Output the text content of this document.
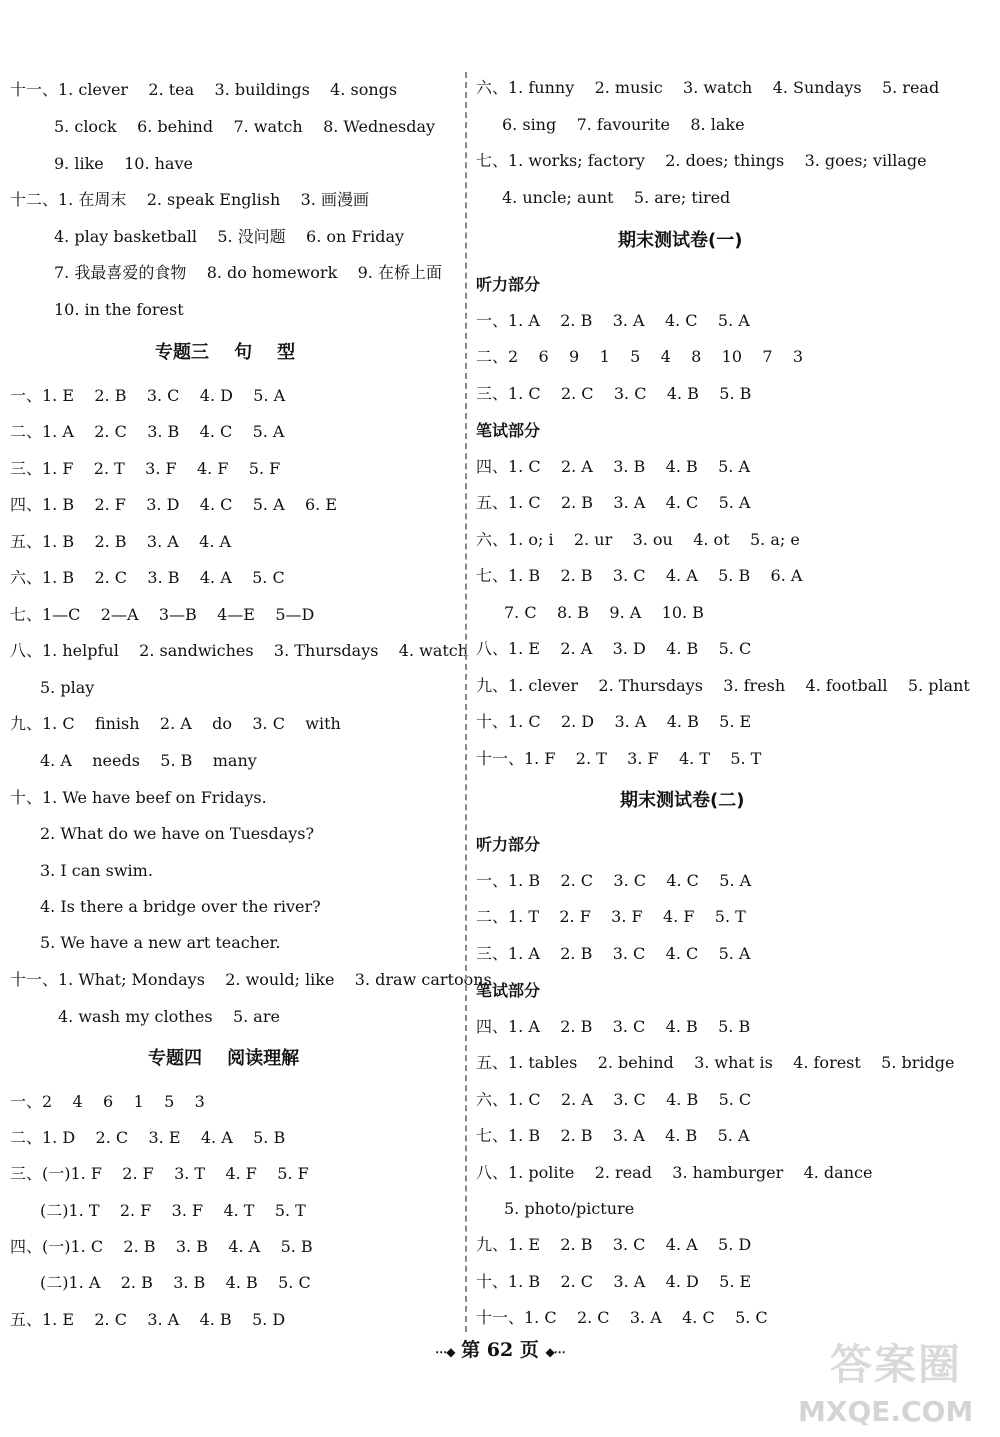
十一、1. clever    2. tea    3. buildings    4. songs
5. clock    6. behind    7. watch    8. Wednesday
9. like    10. have
十二、1. 在周末    2. speak English    3. 画漫画
4. play basketball    5. 没问题    6. on Friday
7. 我最喜爱的食物    8. do homework    9. 在桥上面
10. in the forest
专题三    句    型
一、1. E    2. B    3. C    4. D    5. A
二、1. A    2. C    3. B    4. C    5. A
三、1. F    2. T    3. F    4. F    5. F
四、1. B    2. F    3. D    4. C    5. A    6. E
五、1. B    2. B    3. A    4. A
六、1. B    2. C    3. B    4. A    5. C
七、1—C    2—A    3—B    4—E    5—D
八、1. helpful    2. sandwiches    3. Thursdays    4. watch
5. play
九、1. C    finish    2. A    do    3. C    with
4. A    needs    5. B    many
十、1. We have beef on Fridays.
2. What do we have on Tuesdays?
3. I can swim.
4. Is there a bridge over the river?
5. We have a new art teacher.
十一、1. What; Mondays    2. would; like    3. draw cartoons
4. wash my clothes    5. are
专题四    阅读理解
一、2    4    6    1    5    3
二、1. D    2. C    3. E    4. A    5. B
三、(一)1. F    2. F    3. T    4. F    5. F
(二)1. T    2. F    3. F    4. T    5. T
四、(一)1. C    2. B    3. B    4. A    5. B
(二)1. A    2. B    3. B    4. B    5. C
五、1. E    2. C    3. A    4. B    5. D
六、1. funny    2. music    3. watch    4. Sundays    5. read
6. sing    7. favourite    8. lake
七、1. works; factory    2. does; things    3. goes; village
4. uncle; aunt    5. are; tired
期末测试卷(一)
听力部分
一、1. A    2. B    3. A    4. C    5. A
二、2    6    9    1    5    4    8    10    7    3
三、1. C    2. C    3. C    4. B    5. B
笔试部分
四、1. C    2. A    3. B    4. B    5. A
五、1. C    2. B    3. A    4. C    5. A
六、1. o; i    2. ur    3. ou    4. ot    5. a; e
七、1. B    2. B    3. C    4. A    5. B    6. A
7. C    8. B    9. A    10. B
八、1. E    2. A    3. D    4. B    5. C
九、1. clever    2. Thursdays    3. fresh    4. football    5. plant
十、1. C    2. D    3. A    4. B    5. E
十一、1. F    2. T    3. F    4. T    5. T
期末测试卷(二)
听力部分
一、1. B    2. C    3. C    4. C    5. A
二、1. T    2. F    3. F    4. F    5. T
三、1. A    2. B    3. C    4. C    5. A
笔试部分
四、1. A    2. B    3. C    4. B    5. B
五、1. tables    2. behind    3. what is    4. forest    5. bridge
六、1. C    2. A    3. C    4. B    5. C
七、1. B    2. B    3. A    4. B    5. A
八、1. polite    2. read    3. hamburger    4. dance
5. photo/picture
九、1. E    2. B    3. C    4. A    5. D
十、1. B    2. C    3. A    4. D    5. E
十一、1. C    2. C    3. A    4. C    5. C
⋯◆ 第 62 页 ◆⋯	答案圈
MXQE.COM
